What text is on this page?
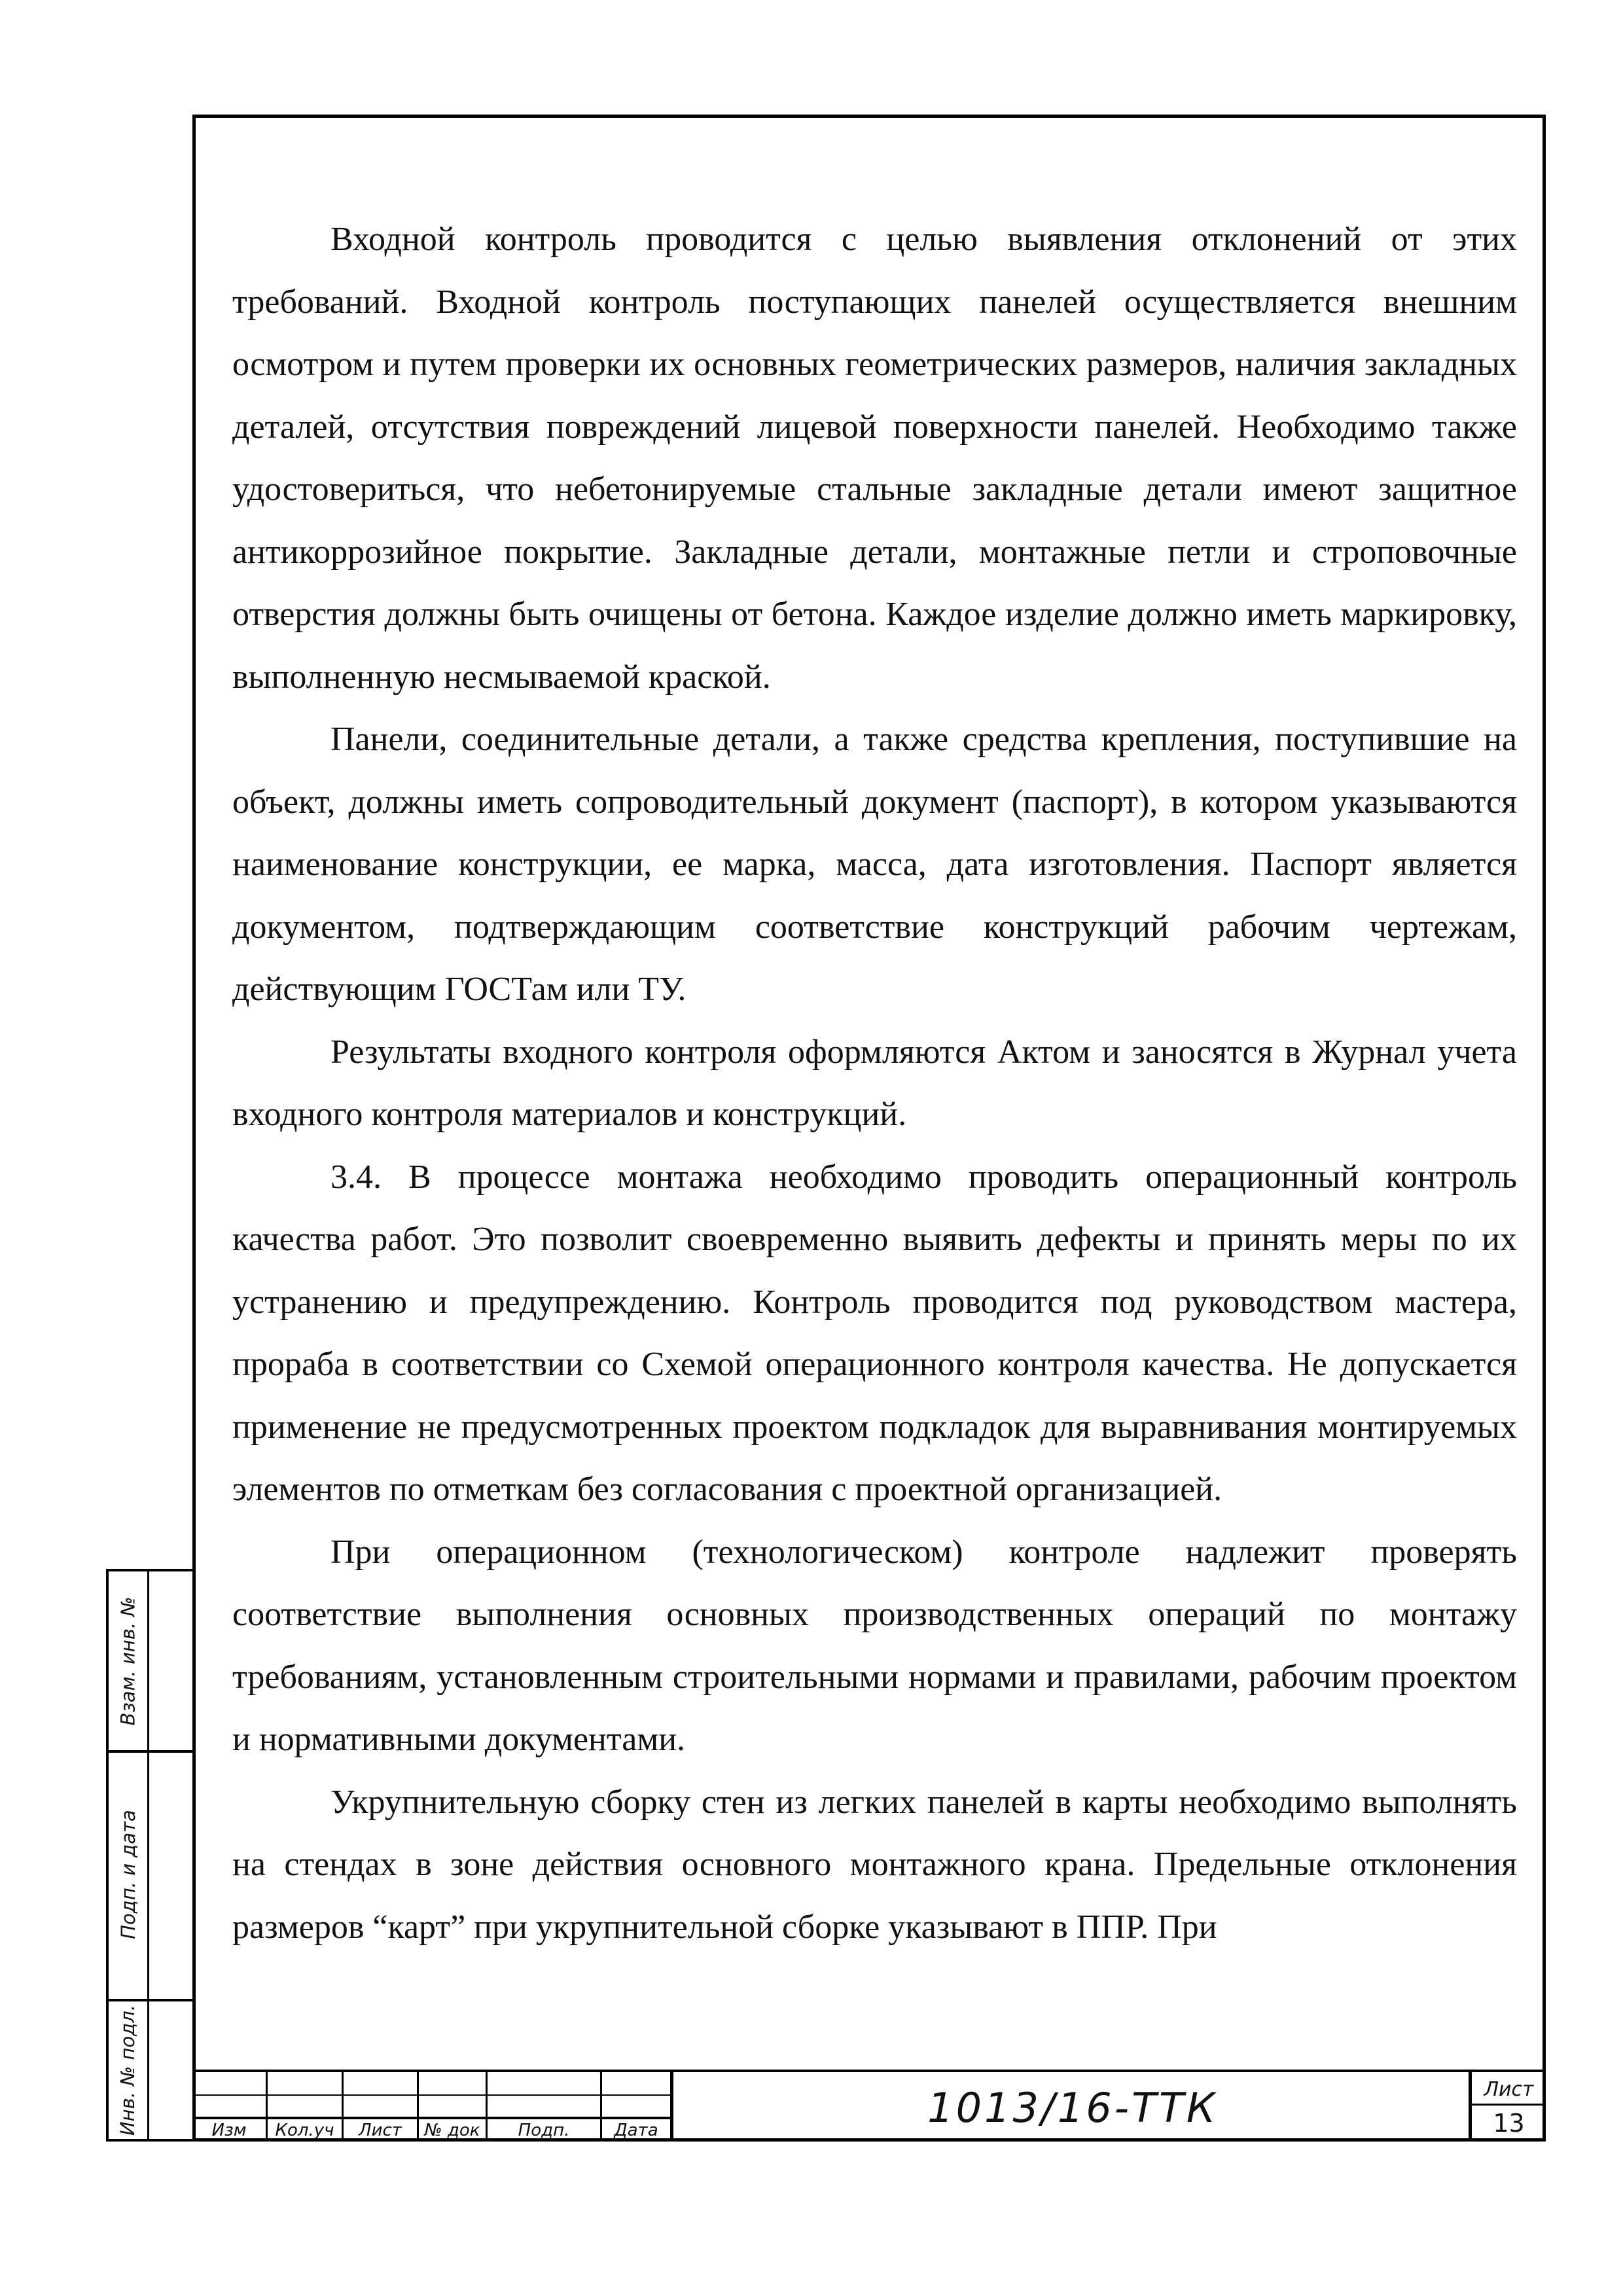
Входной контроль проводится с целью выявления отклонений от этих требований. Входной контроль поступающих панелей осуществляется внешним осмотром и путем проверки их основных геометрических размеров, наличия закладных деталей, отсутствия повреждений лицевой поверхности панелей. Необходимо также удостовериться, что небетонируемые стальные закладные детали имеют защитное антикоррозийное покрытие. Закладные детали, монтажные петли и строповочные отверстия должны быть очищены от бетона. Каждое изделие должно иметь маркировку, выполненную несмываемой краской.

Панели, соединительные детали, а также средства крепления, поступившие на объект, должны иметь сопроводительный документ (паспорт), в котором указываются наименование конструкции, ее марка, масса, дата изготовления. Паспорт является документом, подтверждающим соответствие конструкций рабочим чертежам, действующим ГОСТам или ТУ.

Результаты входного контроля оформляются Актом и заносятся в Журнал учета входного контроля материалов и конструкций.

3.4. В процессе монтажа необходимо проводить операционный контроль качества работ. Это позволит своевременно выявить дефекты и принять меры по их устранению и предупреждению. Контроль проводится под руководством мастера, прораба в соответствии со Схемой операционного контроля качества. Не допускается применение не предусмотренных проектом подкладок для выравнивания монтируемых элементов по отметкам без согласования с проектной организацией.

При операционном (технологическом) контроле надлежит проверять соответствие выполнения основных производственных операций по монтажу требованиям, установленным строительными нормами и правилами, рабочим проектом и нормативными документами.

Укрупнительную сборку стен из легких панелей в карты необходимо выполнять на стендах в зоне действия основного монтажного крана. Предельные отклонения размеров “карт” при укрупнительной сборке указывают в ППР. При

Взам. инв. №
Подп. и дата
Инв. № подл.	Изм	Кол.уч	Лист	№ док	Подп.	Дата	1013/16-ТТК	Лист
13
